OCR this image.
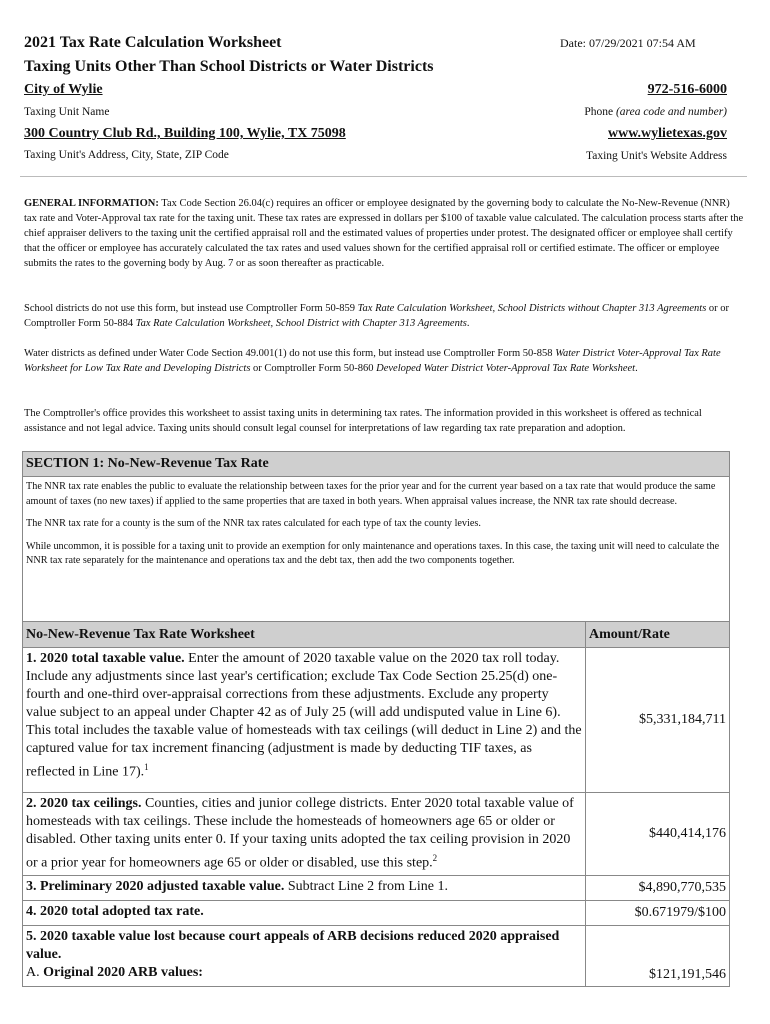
2021 Tax Rate Calculation Worksheet
Taxing Units Other Than School Districts or Water Districts
Date: 07/29/2021 07:54 AM
City of Wylie
Taxing Unit Name
972-516-6000
Phone (area code and number)
300 Country Club Rd., Building 100, Wylie, TX 75098
Taxing Unit's Address, City, State, ZIP Code
www.wylietexas.gov
Taxing Unit's Website Address
GENERAL INFORMATION: Tax Code Section 26.04(c) requires an officer or employee designated by the governing body to calculate the No-New-Revenue (NNR) tax rate and Voter-Approval tax rate for the taxing unit. These tax rates are expressed in dollars per $100 of taxable value calculated. The calculation process starts after the chief appraiser delivers to the taxing unit the certified appraisal roll and the estimated values of properties under protest. The designated officer or employee shall certify that the officer or employee has accurately calculated the tax rates and used values shown for the certified appraisal roll or certified estimate. The officer or employee submits the rates to the governing body by Aug. 7 or as soon thereafter as practicable.
School districts do not use this form, but instead use Comptroller Form 50-859 Tax Rate Calculation Worksheet, School Districts without Chapter 313 Agreements or or Comptroller Form 50-884 Tax Rate Calculation Worksheet, School District with Chapter 313 Agreements.
Water districts as defined under Water Code Section 49.001(1) do not use this form, but instead use Comptroller Form 50-858 Water District Voter-Approval Tax Rate Worksheet for Low Tax Rate and Developing Districts or Comptroller Form 50-860 Developed Water District Voter-Approval Tax Rate Worksheet.
The Comptroller's office provides this worksheet to assist taxing units in determining tax rates. The information provided in this worksheet is offered as technical assistance and not legal advice. Taxing units should consult legal counsel for interpretations of law regarding tax rate preparation and adoption.
SECTION 1: No-New-Revenue Tax Rate
The NNR tax rate enables the public to evaluate the relationship between taxes for the prior year and for the current year based on a tax rate that would produce the same amount of taxes (no new taxes) if applied to the same properties that are taxed in both years. When appraisal values increase, the NNR tax rate should decrease.
The NNR tax rate for a county is the sum of the NNR tax rates calculated for each type of tax the county levies.
While uncommon, it is possible for a taxing unit to provide an exemption for only maintenance and operations taxes. In this case, the taxing unit will need to calculate the NNR tax rate separately for the maintenance and operations tax and the debt tax, then add the two components together.
No-New-Revenue Tax Rate Worksheet	Amount/Rate
1. 2020 total taxable value. Enter the amount of 2020 taxable value on the 2020 tax roll today. Include any adjustments since last year's certification; exclude Tax Code Section 25.25(d) one-fourth and one-third over-appraisal corrections from these adjustments. Exclude any property value subject to an appeal under Chapter 42 as of July 25 (will add undisputed value in Line 6). This total includes the taxable value of homesteads with tax ceilings (will deduct in Line 2) and the captured value for tax increment financing (adjustment is made by deducting TIF taxes, as reflected in Line 17).$^1$	$5,331,184,711
2. 2020 tax ceilings. Counties, cities and junior college districts. Enter 2020 total taxable value of homesteads with tax ceilings. These include the homesteads of homeowners age 65 or older or disabled. Other taxing units enter 0. If your taxing units adopted the tax ceiling provision in 2020 or a prior year for homeowners age 65 or older or disabled, use this step.$^2$	$440,414,176
3. Preliminary 2020 adjusted taxable value. Subtract Line 2 from Line 1.	$4,890,770,535
4. 2020 total adopted tax rate.	$0.671979/$100
5. 2020 taxable value lost because court appeals of ARB decisions reduced 2020 appraised value.
A. Original 2020 ARB values:	$121,191,546
